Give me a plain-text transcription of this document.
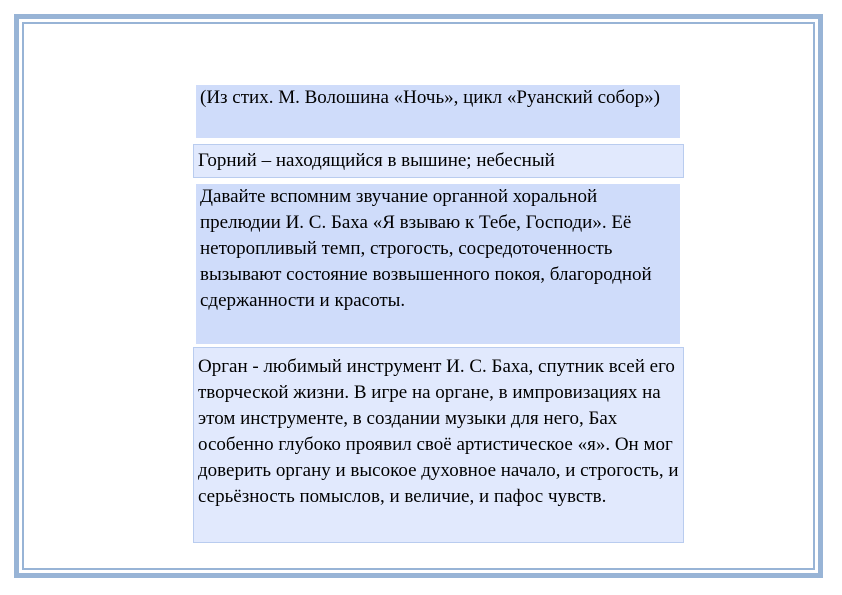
(Из стих. М. Волошина «Ночь», цикл «Руанский собор»)
Горний – находящийся в вышине; небесный
Давайте вспомним звучание органной хоральной прелюдии И. С. Баха «Я взываю к Тебе, Господи». Её неторопливый темп, строгость, сосредоточенность вызывают состояние возвышенного покоя, благородной сдержанности и красоты.
Орган - любимый инструмент И. С. Баха, спутник всей его творческой жизни. В игре на органе, в импровизациях на этом инструменте, в создании музыки для него, Бах особенно глубоко проявил своё артистическое «я». Он мог доверить органу и высокое духовное начало, и строгость, и серьёзность помыслов, и величие, и пафос чувств.
